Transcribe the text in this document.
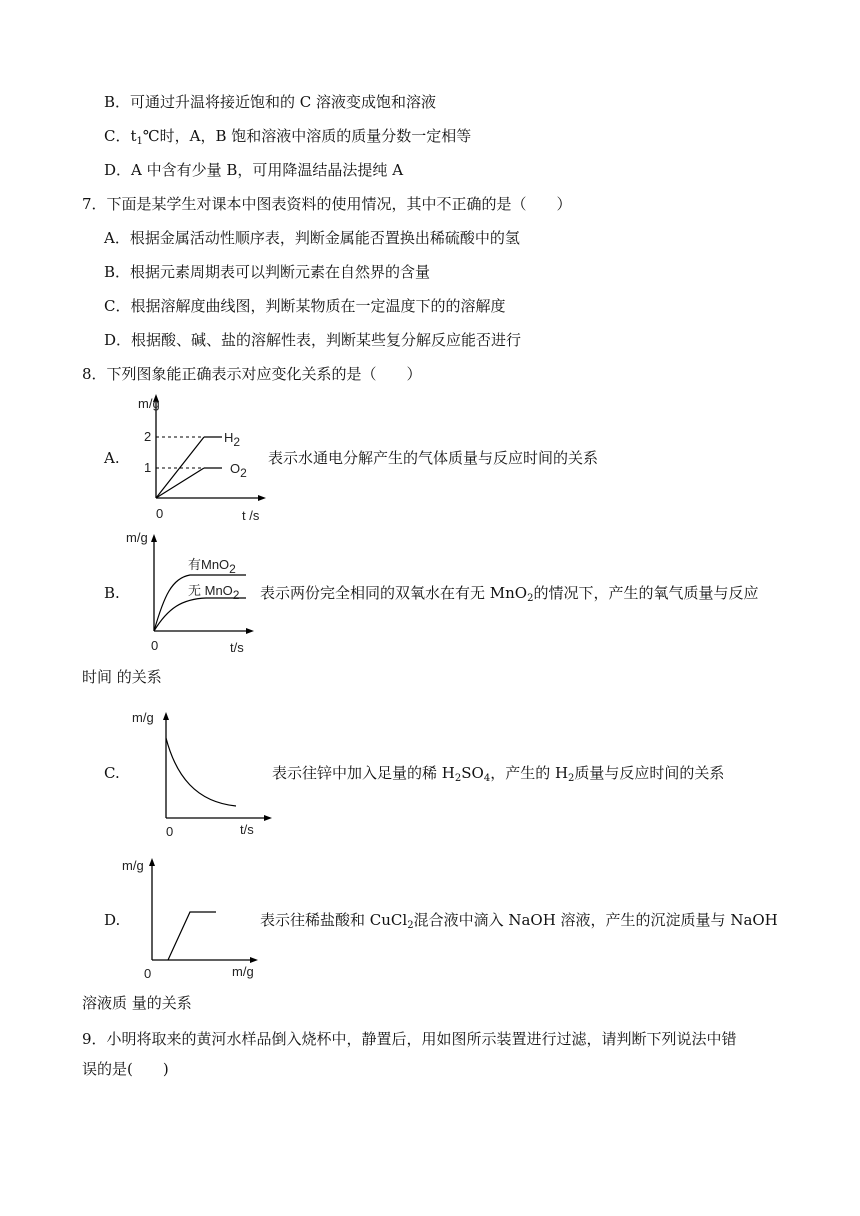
B．可通过升温将接近饱和的 C 溶液变成饱和溶液
C．$t_1℃$时，A，B 饱和溶液中溶质的质量分数一定相等
D．A 中含有少量 B，可用降温结晶法提纯 A
7．下面是某学生对课本中图表资料的使用情况，其中不正确的是（　　）
A．根据金属活动性顺序表，判断金属能否置换出稀硫酸中的氢
B．根据元素周期表可以判断元素在自然界的含量
C．根据溶解度曲线图，判断某物质在一定温度下的的溶解度
D．根据酸、碱、盐的溶解性表，判断某些复分解反应能否进行
8．下列图象能正确表示对应变化关系的是（　　）
A.
m/g
2
1
H2
O2
0	t /s
表示水通电分解产生的气体质量与反应时间的关系
B.
m/g
有MnO2
无 MnO2
0	t/s
表示两份完全相同的双氧水在有无 MnO$_2$的情况下，产生的氧气质量与反应
时间 的关系
C.
m/g
0	t/s
表示往锌中加入足量的稀 $H_2SO_4$，产生的 $H_2$质量与反应时间的关系
D.
m/g
0	m/g
表示往稀盐酸和 CuCl$_2$混合液中滴入 NaOH 溶液，产生的沉淀质量与 NaOH
溶液质 量的关系
9．小明将取来的黄河水样品倒入烧杯中，静置后，用如图所示装置进行过滤，请判断下列说法中错
误的是(　　)
